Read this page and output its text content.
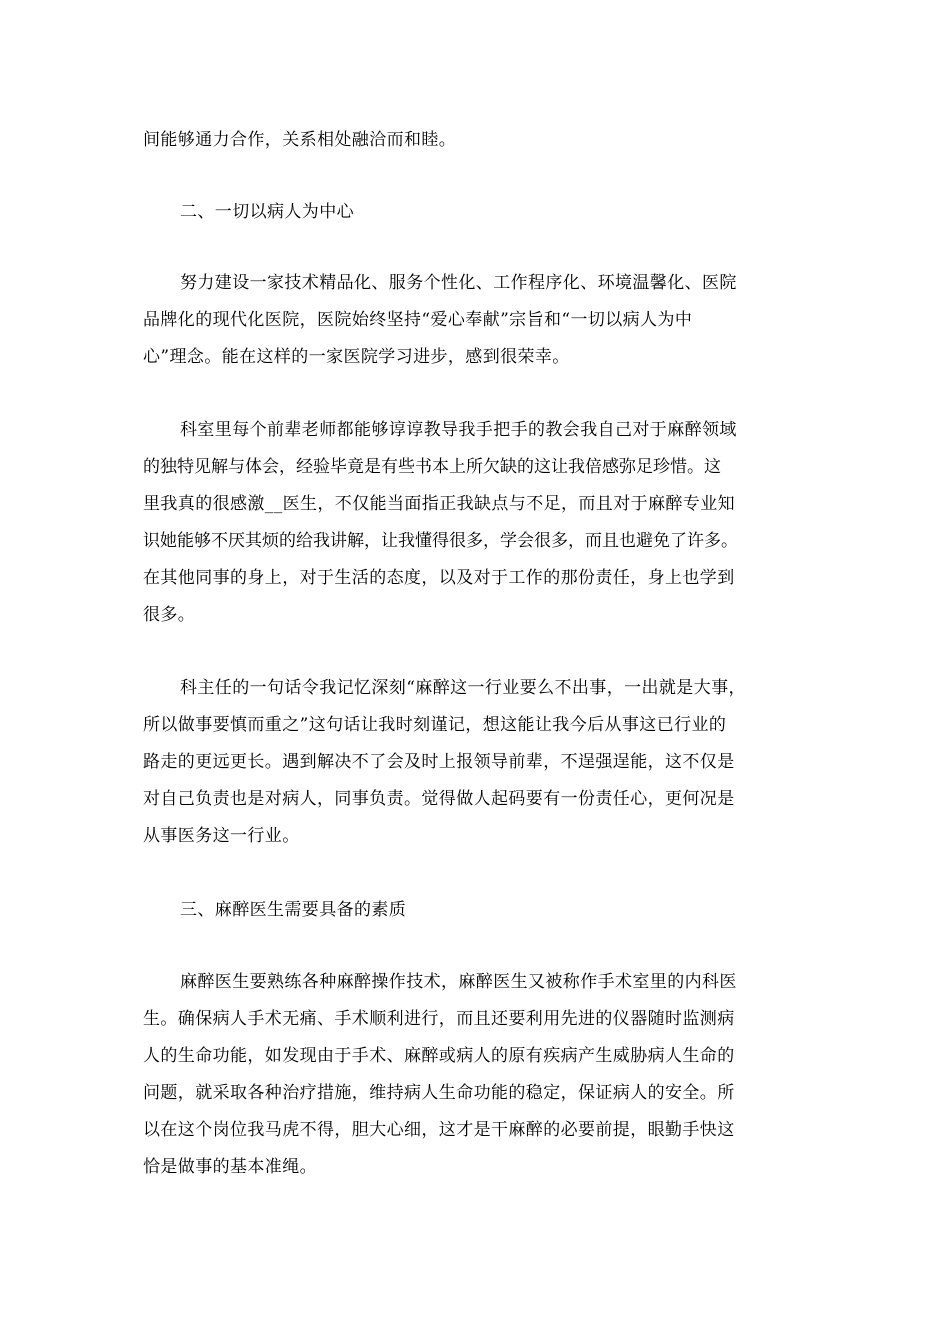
间能够通力合作，关系相处融洽而和睦。
二、一切以病人为中心
努力建设一家技术精品化、服务个性化、工作程序化、环境温馨化、医院
品牌化的现代化医院，医院始终坚持“爱心奉献”宗旨和“一切以病人为中
心”理念。能在这样的一家医院学习进步，感到很荣幸。
科室里每个前辈老师都能够谆谆教导我手把手的教会我自己对于麻醉领域
的独特见解与体会，经验毕竟是有些书本上所欠缺的这让我倍感弥足珍惜。这
里我真的很感激__医生，不仅能当面指正我缺点与不足，而且对于麻醉专业知
识她能够不厌其烦的给我讲解，让我懂得很多，学会很多，而且也避免了许多。
在其他同事的身上，对于生活的态度，以及对于工作的那份责任，身上也学到
很多。
科主任的一句话令我记忆深刻“麻醉这一行业要么不出事，一出就是大事，
所以做事要慎而重之”这句话让我时刻谨记，想这能让我今后从事这已行业的
路走的更远更长。遇到解决不了会及时上报领导前辈，不逞强逞能，这不仅是
对自己负责也是对病人，同事负责。觉得做人起码要有一份责任心，更何况是
从事医务这一行业。
三、麻醉医生需要具备的素质
麻醉医生要熟练各种麻醉操作技术，麻醉医生又被称作手术室里的内科医
生。确保病人手术无痛、手术顺利进行，而且还要利用先进的仪器随时监测病
人的生命功能，如发现由于手术、麻醉或病人的原有疾病产生威胁病人生命的
问题，就采取各种治疗措施，维持病人生命功能的稳定，保证病人的安全。所
以在这个岗位我马虎不得，胆大心细，这才是干麻醉的必要前提，眼勤手快这
恰是做事的基本准绳。
